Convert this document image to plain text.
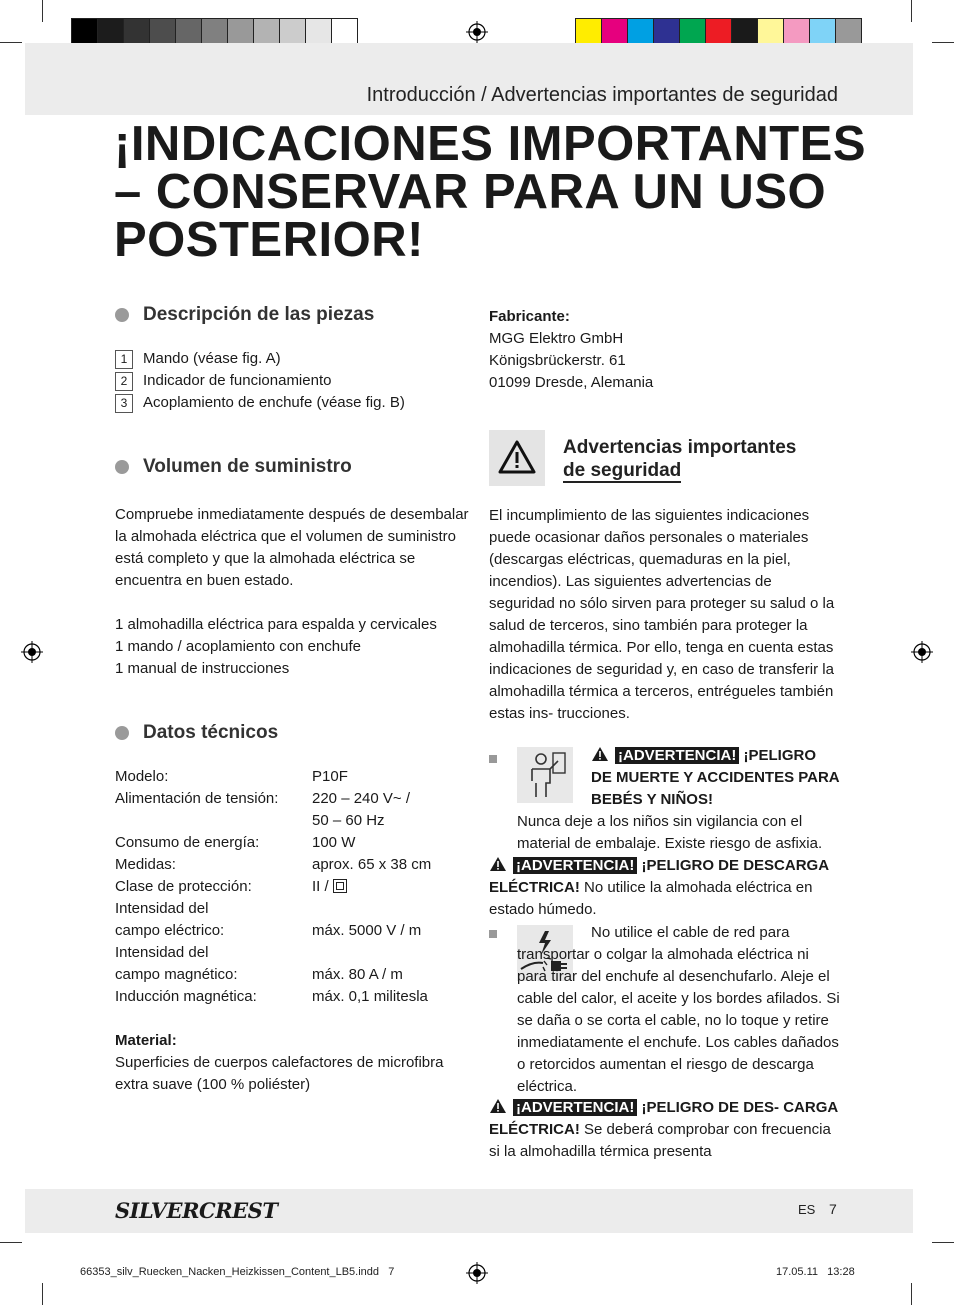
Introducción / Advertencias importantes de seguridad
¡INDICACIONES IMPORTANTES – CONSERVAR PARA UN USO POSTERIOR!
Descripción de las piezas
1	Mando (véase fig. A)
2	Indicador de funcionamiento
3	Acoplamiento de enchufe (véase fig. B)
Volumen de suministro

Compruebe inmediatamente después de desembalar la almohada eléctrica que el volumen de suministro está completo y que la almohada eléctrica se encuentra en buen estado.

1 almohadilla eléctrica para espalda y cervicales
1 mando / acoplamiento con enchufe
1 manual de instrucciones
Datos técnicos
Modelo:	P10F
Alimentación de tensión:	220 – 240 V~ /
50 – 60 Hz
Consumo de energía:	100 W
Medidas:	aprox. 65 x 38 cm
Clase de protección:	II /
Intensidad del
campo eléctrico:	máx. 5000 V / m
Intensidad del
campo magnético:	máx. 80 A / m
Inducción magnética:	máx. 0,1 militesla
Material:

Superficies de cuerpos calefactores de microfibra extra suave (100 % poliéster)

Fabricante:
MGG Elektro GmbH
Königsbrückerstr. 61
01099 Dresde, Alemania
Advertencias importantes
de seguridad

El incumplimiento de las siguientes indicaciones puede ocasionar daños personales o materiales (descargas eléctricas, quemaduras en la piel, incendios). Las siguientes advertencias de seguridad no sólo sirven para proteger su salud o la salud de terceros, sino también para proteger la almohadilla térmica. Por ello, tenga en cuenta estas indicaciones de seguridad y, en caso de transferir la almohadilla térmica a terceros, entrégueles también estas ins- trucciones.

¡ADVERTENCIA! ¡PELIGRO DE MUERTE Y ACCIDENTES PARA BEBÉS Y NIÑOS!
Nunca deje a los niños sin vigilancia con el material de embalaje. Existe riesgo de asfixia.
¡ADVERTENCIA! ¡PELIGRO DE DESCARGA ELÉCTRICA! No utilice la almohada eléctrica en estado húmedo.
No utilice el cable de red para transportar o colgar la almohada eléctrica ni para tirar del enchufe al desenchufarlo. Aleje el cable del calor, el aceite y los bordes afilados. Si se daña o se corta el cable, no lo toque y retire inmediatamente el enchufe. Los cables dañados o retorcidos aumentan el riesgo de descarga eléctrica.
¡ADVERTENCIA! ¡PELIGRO DE DES- CARGA ELÉCTRICA! Se deberá comprobar con frecuencia si la almohadilla térmica presenta
SILVERCREST	ES 7
66353_silv_Ruecken_Nacken_Heizkissen_Content_LB5.indd   7	17.05.11   13:28
